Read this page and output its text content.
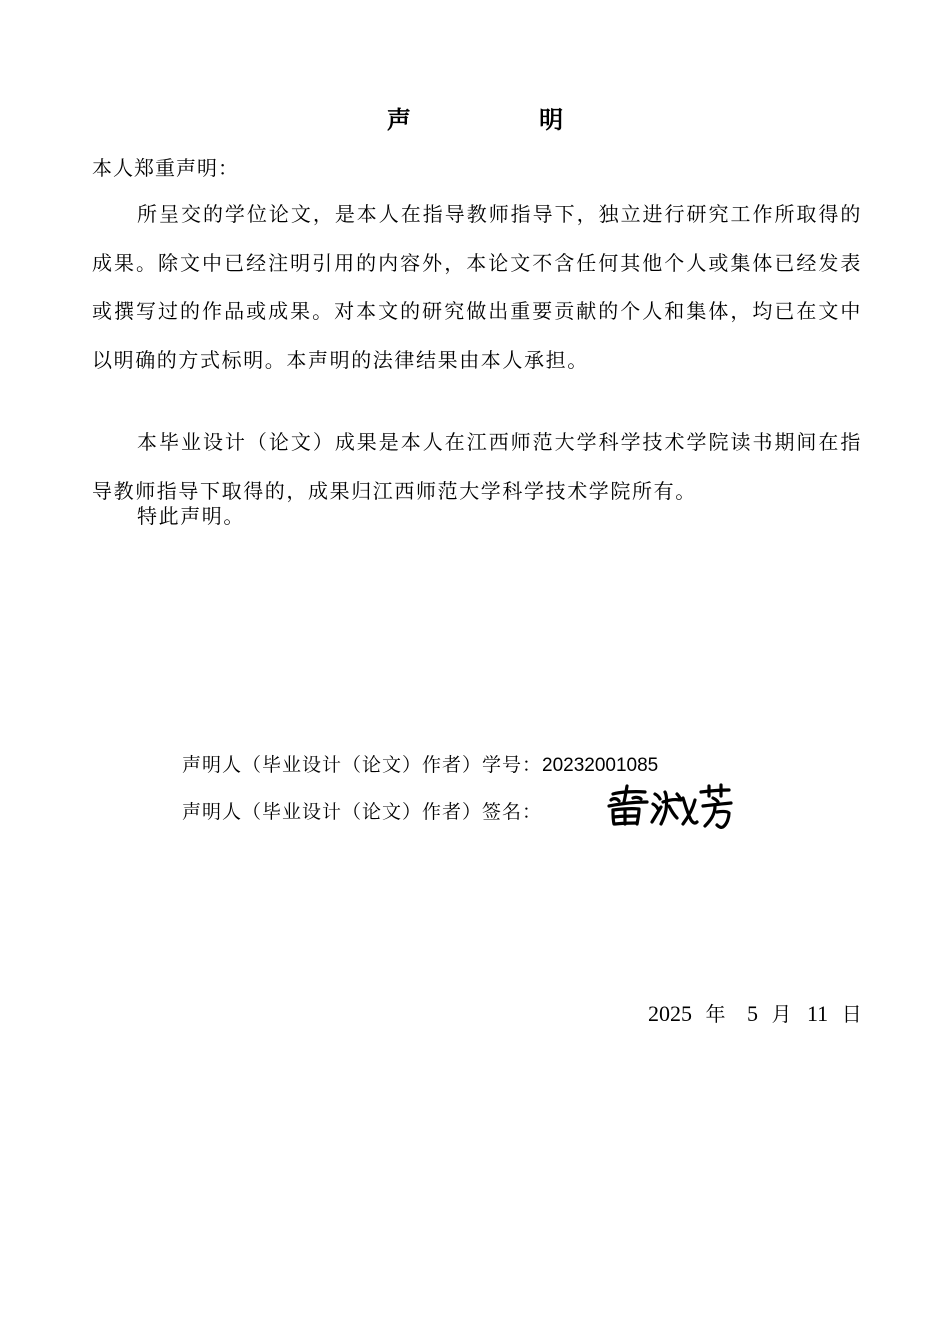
声 明
本人郑重声明：
所呈交的学位论文，是本人在指导教师指导下，独立进行研究工作所取得的成果。除文中已经注明引用的内容外，本论文不含任何其他个人或集体已经发表或撰写过的作品或成果。对本文的研究做出重要贡献的个人和集体，均已在文中以明确的方式标明。本声明的法律结果由本人承担。
本毕业设计（论文）成果是本人在江西师范大学科学技术学院读书期间在指导教师指导下取得的，成果归江西师范大学科学技术学院所有。
特此声明。
声明人（毕业设计（论文）作者）学号：20232001085
声明人（毕业设计（论文）作者）签名：
2025 年 5 月 11 日
